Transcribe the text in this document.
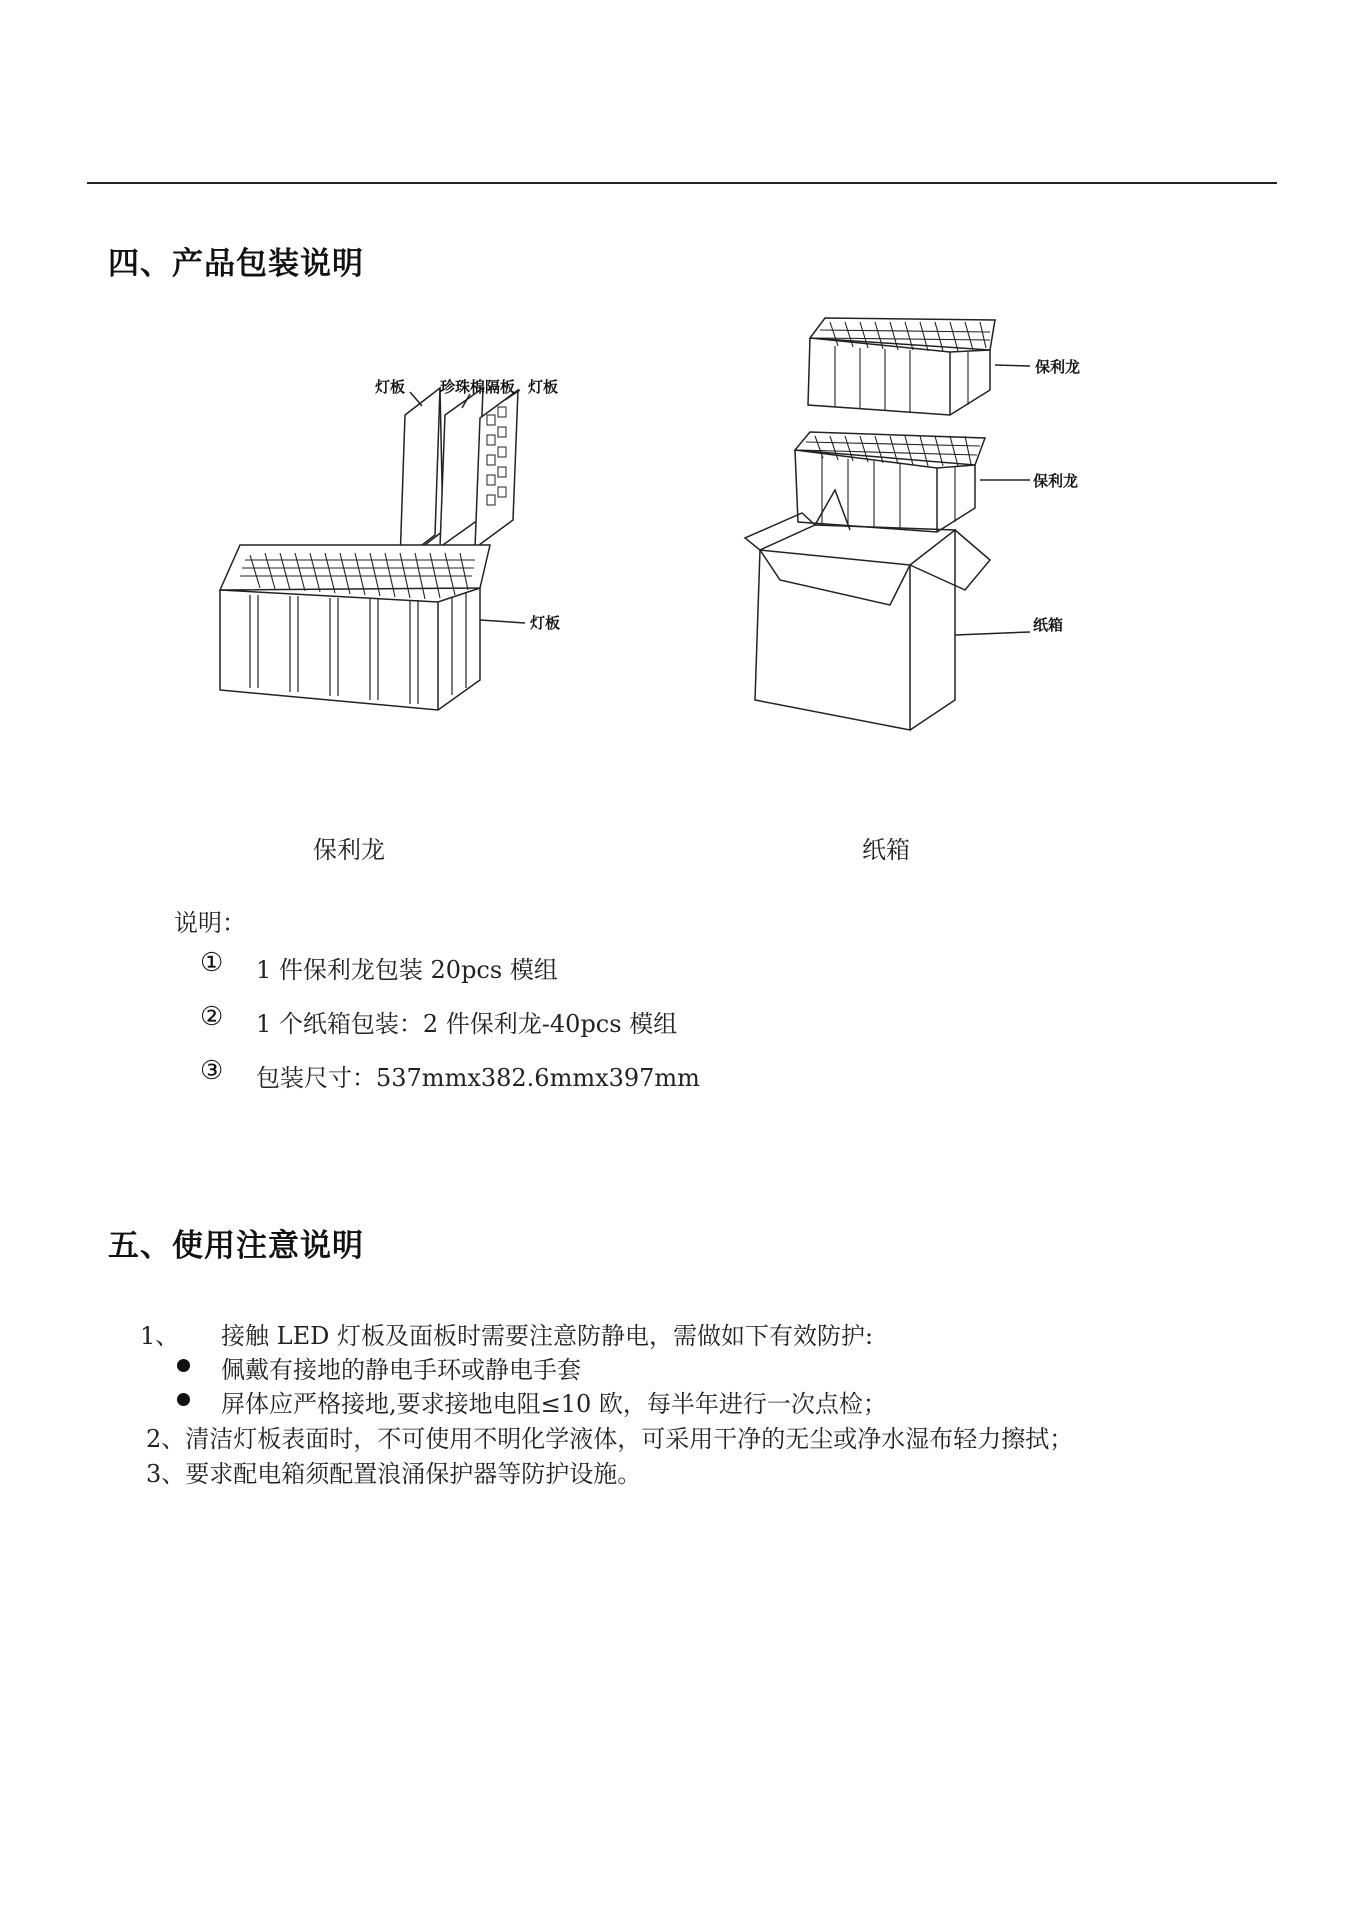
四、产品包装说明
灯板 珍珠棉隔板 灯板
灯板
保利龙
保利龙
纸箱
保利龙	纸箱
说明：
① 1 件保利龙包装 20pcs 模组
② 1 个纸箱包装：2 件保利龙-40pcs 模组
③ 包装尺寸：537mmx382.6mmx397mm
五、使用注意说明
1、 接触 LED 灯板及面板时需要注意防静电，需做如下有效防护:
佩戴有接地的静电手环或静电手套
屏体应严格接地,要求接地电阻≤10 欧，每半年进行一次点检；
2、清洁灯板表面时，不可使用不明化学液体，可采用干净的无尘或净水湿布轻力擦拭；
3、要求配电箱须配置浪涌保护器等防护设施。
